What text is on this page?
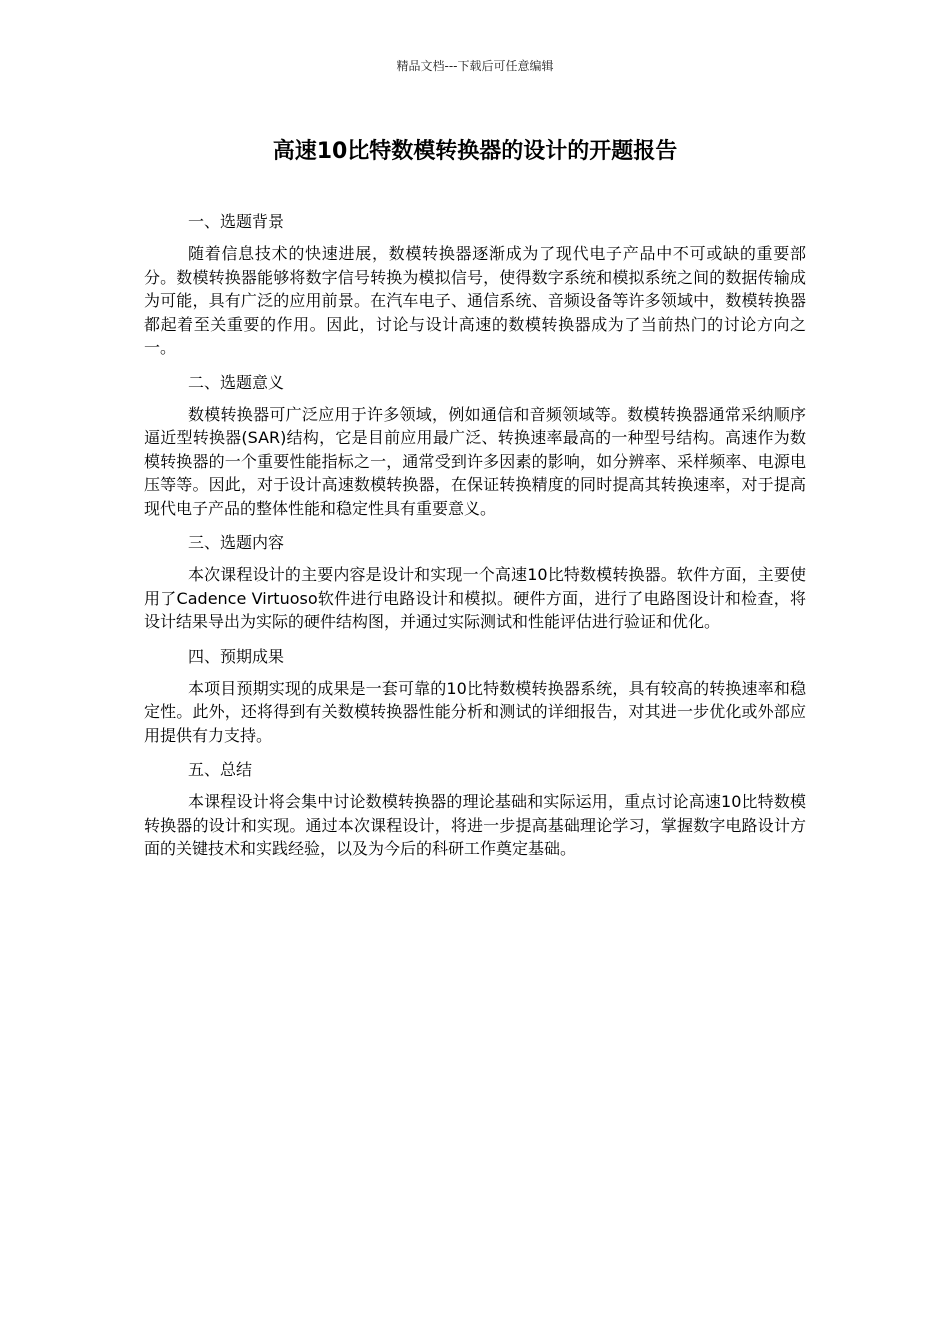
精品文档---下载后可任意编辑
高速10比特数模转换器的设计的开题报告
一、选题背景

随着信息技术的快速进展，数模转换器逐渐成为了现代电子产品中不可或缺的重要部分。数模转换器能够将数字信号转换为模拟信号，使得数字系统和模拟系统之间的数据传输成为可能，具有广泛的应用前景。在汽车电子、通信系统、音频设备等许多领域中，数模转换器都起着至关重要的作用。因此，讨论与设计高速的数模转换器成为了当前热门的讨论方向之一。

二、选题意义

数模转换器可广泛应用于许多领域，例如通信和音频领域等。数模转换器通常采纳顺序逼近型转换器(SAR)结构，它是目前应用最广泛、转换速率最高的一种型号结构。高速作为数模转换器的一个重要性能指标之一，通常受到许多因素的影响，如分辨率、采样频率、电源电压等等。因此，对于设计高速数模转换器，在保证转换精度的同时提高其转换速率，对于提高现代电子产品的整体性能和稳定性具有重要意义。

三、选题内容

本次课程设计的主要内容是设计和实现一个高速10比特数模转换器。软件方面，主要使用了Cadence Virtuoso软件进行电路设计和模拟。硬件方面，进行了电路图设计和检查，将设计结果导出为实际的硬件结构图，并通过实际测试和性能评估进行验证和优化。

四、预期成果

本项目预期实现的成果是一套可靠的10比特数模转换器系统，具有较高的转换速率和稳定性。此外，还将得到有关数模转换器性能分析和测试的详细报告，对其进一步优化或外部应用提供有力支持。

五、总结

本课程设计将会集中讨论数模转换器的理论基础和实际运用，重点讨论高速10比特数模转换器的设计和实现。通过本次课程设计，将进一步提高基础理论学习，掌握数字电路设计方面的关键技术和实践经验，以及为今后的科研工作奠定基础。
